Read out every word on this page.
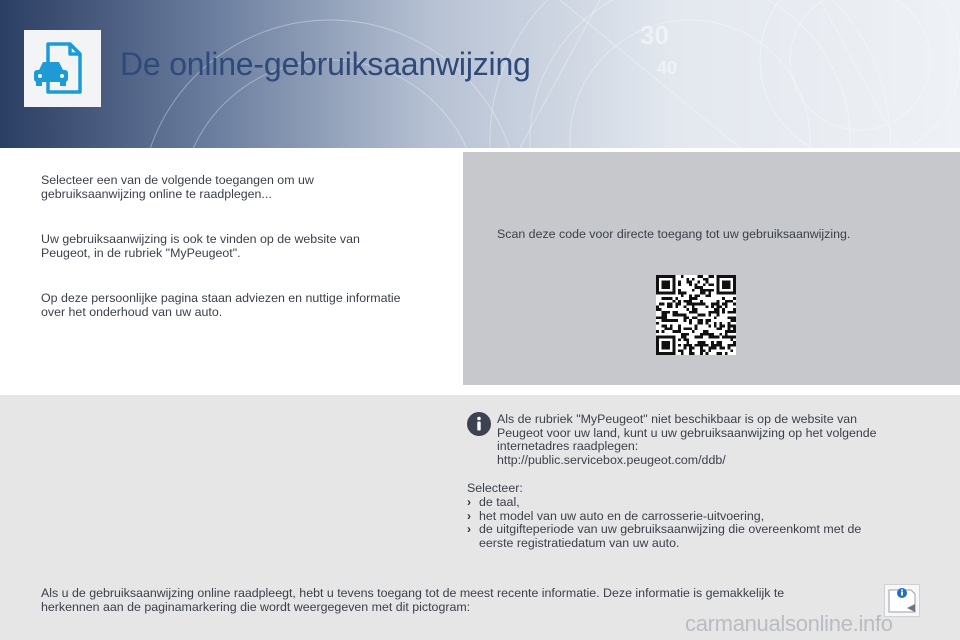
30
40
De online-gebruiksaanwijzing

Selecteer een van de volgende toegangen om uw
gebruiksaanwijzing online te raadplegen...

Uw gebruiksaanwijzing is ook te vinden op de website van
Peugeot, in de rubriek "MyPeugeot".

Op deze persoonlijke pagina staan adviezen en nuttige informatie
over het onderhoud van uw auto.

Scan deze code voor directe toegang tot uw gebruiksaanwijzing.
Als de rubriek "MyPeugeot" niet beschikbaar is op de website van
Peugeot voor uw land, kunt u uw gebruiksaanwijzing op het volgende
internetadres raadplegen:
http://public.servicebox.peugeot.com/ddb/
Selecteer:
› de taal,
› het model van uw auto en de carrosserie-uitvoering,
› de uitgifteperiode van uw gebruiksaanwijzing die overeenkomt met de
eerste registratiedatum van uw auto.
Als u de gebruiksaanwijzing online raadpleegt, hebt u tevens toegang tot de meest recente informatie. Deze informatie is gemakkelijk te
herkennen aan de paginamarkering die wordt weergegeven met dit pictogram:
carmanualsonline.info
